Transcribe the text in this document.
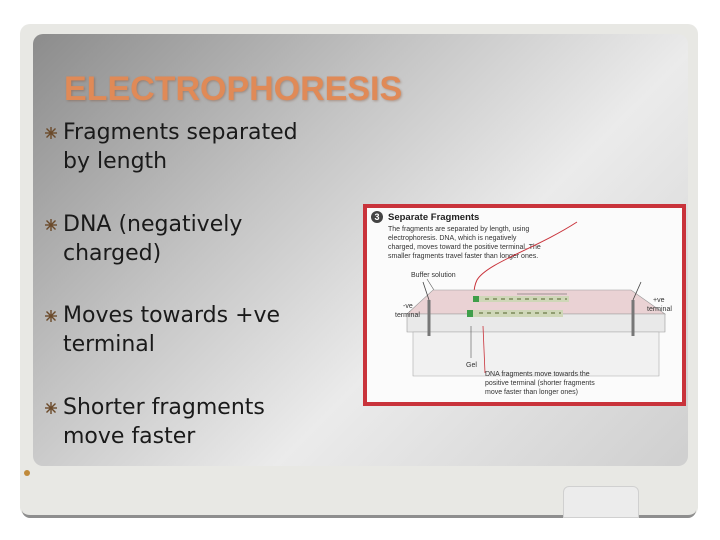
ELECTROPHORESIS
Fragments separated
by length
DNA (negatively
charged)
Moves towards +ve
terminal
Shorter fragments
move faster
3 Separate Fragments
The fragments are separated by length, using
electrophoresis. DNA, which is negatively
charged, moves toward the positive terminal. The
smaller fragments travel faster than longer ones.
Buffer solution
-ve
terminal
+ve
terminal
Gel
DNA fragments move towards the
positive terminal (shorter fragments
move faster than longer ones)
